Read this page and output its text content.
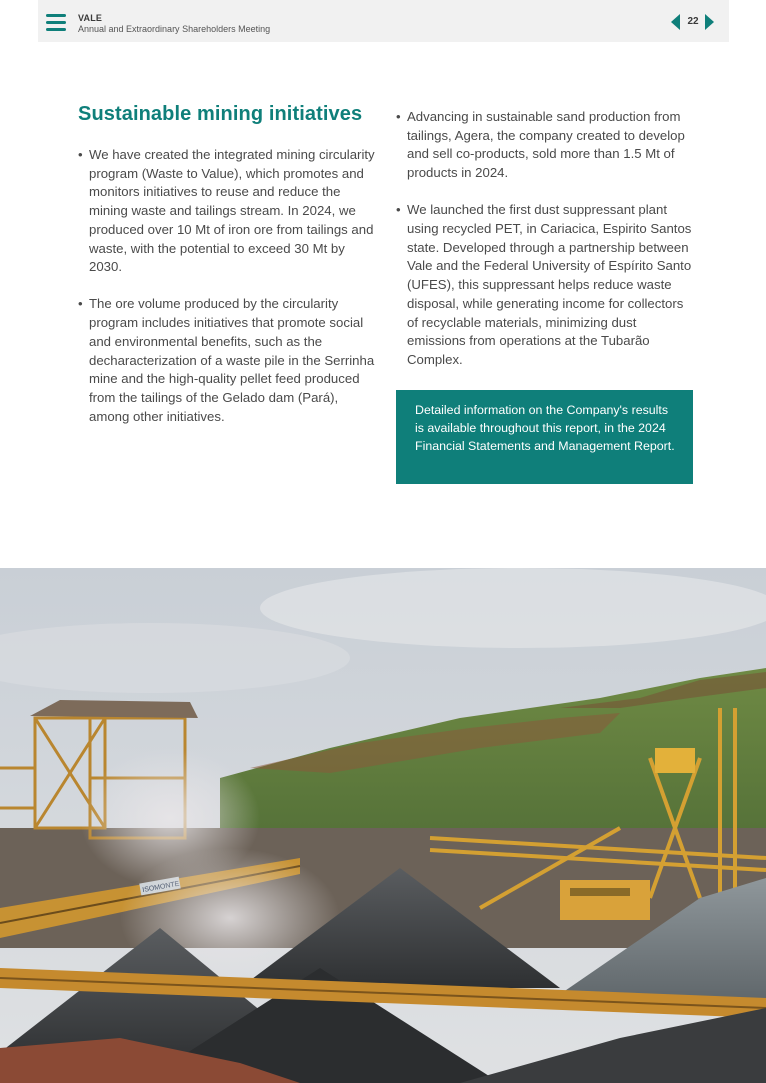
VALE
Annual and Extraordinary Shareholders Meeting
22
Sustainable mining initiatives

• We have created the integrated mining circularity program (Waste to Value), which promotes and monitors initiatives to reuse and reduce the mining waste and tailings stream. In 2024, we produced over 10 Mt of iron ore from tailings and waste, with the potential to exceed 30 Mt by 2030.

• The ore volume produced by the circularity program includes initiatives that promote social and environmental benefits, such as the decharacterization of a waste pile in the Serrinha mine and the high-quality pellet feed produced from the tailings of the Gelado dam (Pará), among other initiatives.

• Advancing in sustainable sand production from tailings, Agera, the company created to develop and sell co-products, sold more than 1.5 Mt of products in 2024.

• We launched the first dust suppressant plant using recycled PET, in Cariacica, Espirito Santos state. Developed through a partnership between Vale and the Federal University of Espírito Santo (UFES), this suppressant helps reduce waste disposal, while generating income for collectors of recyclable materials, minimizing dust emissions from operations at the Tubarão Complex.

Detailed information on the Company's results is available throughout this report, in the 2024 Financial Statements and Management Report.
